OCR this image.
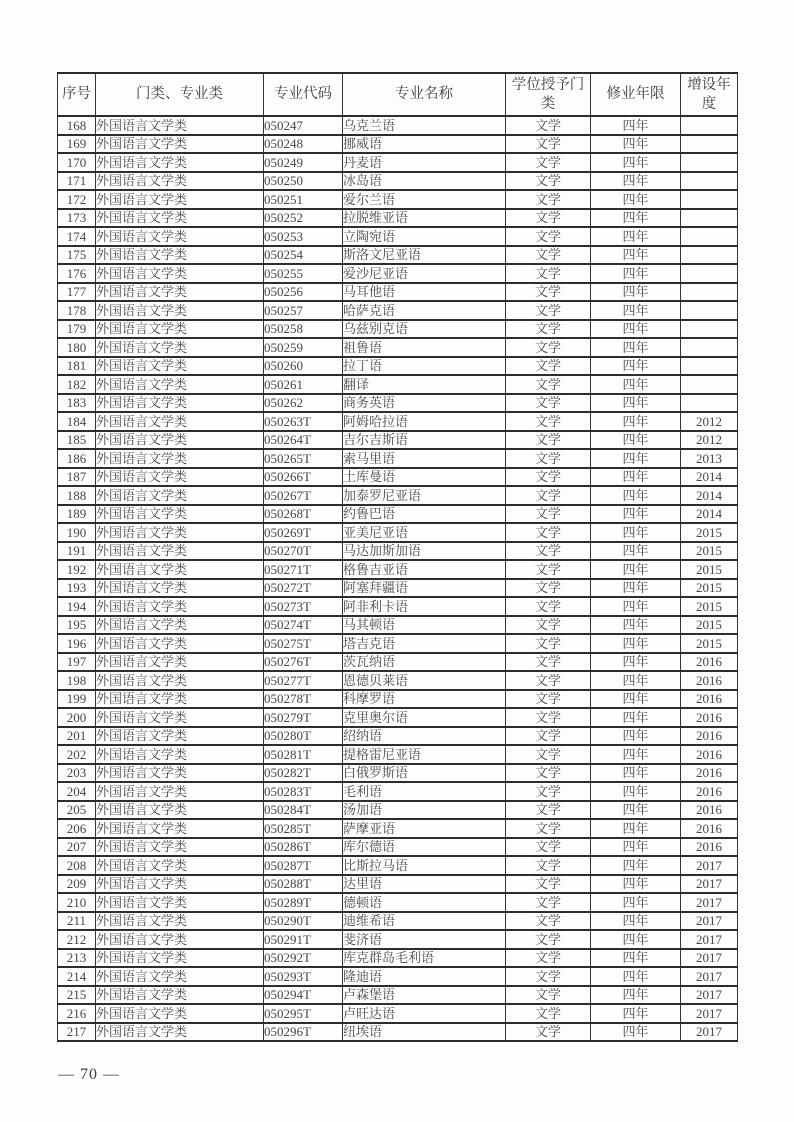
序号	门类、专业类	专业代码	专业名称	学位授予门类	修业年限	增设年度
168	外国语言文学类	050247	乌克兰语	文学	四年	
169	外国语言文学类	050248	挪威语	文学	四年	
170	外国语言文学类	050249	丹麦语	文学	四年	
171	外国语言文学类	050250	冰岛语	文学	四年	
172	外国语言文学类	050251	爱尔兰语	文学	四年	
173	外国语言文学类	050252	拉脱维亚语	文学	四年	
174	外国语言文学类	050253	立陶宛语	文学	四年	
175	外国语言文学类	050254	斯洛文尼亚语	文学	四年	
176	外国语言文学类	050255	爱沙尼亚语	文学	四年	
177	外国语言文学类	050256	马耳他语	文学	四年	
178	外国语言文学类	050257	哈萨克语	文学	四年	
179	外国语言文学类	050258	乌兹别克语	文学	四年	
180	外国语言文学类	050259	祖鲁语	文学	四年	
181	外国语言文学类	050260	拉丁语	文学	四年	
182	外国语言文学类	050261	翻译	文学	四年	
183	外国语言文学类	050262	商务英语	文学	四年	
184	外国语言文学类	050263T	阿姆哈拉语	文学	四年	2012
185	外国语言文学类	050264T	吉尔吉斯语	文学	四年	2012
186	外国语言文学类	050265T	索马里语	文学	四年	2013
187	外国语言文学类	050266T	土库曼语	文学	四年	2014
188	外国语言文学类	050267T	加泰罗尼亚语	文学	四年	2014
189	外国语言文学类	050268T	约鲁巴语	文学	四年	2014
190	外国语言文学类	050269T	亚美尼亚语	文学	四年	2015
191	外国语言文学类	050270T	马达加斯加语	文学	四年	2015
192	外国语言文学类	050271T	格鲁吉亚语	文学	四年	2015
193	外国语言文学类	050272T	阿塞拜疆语	文学	四年	2015
194	外国语言文学类	050273T	阿非利卡语	文学	四年	2015
195	外国语言文学类	050274T	马其顿语	文学	四年	2015
196	外国语言文学类	050275T	塔吉克语	文学	四年	2015
197	外国语言文学类	050276T	茨瓦纳语	文学	四年	2016
198	外国语言文学类	050277T	恩德贝莱语	文学	四年	2016
199	外国语言文学类	050278T	科摩罗语	文学	四年	2016
200	外国语言文学类	050279T	克里奥尔语	文学	四年	2016
201	外国语言文学类	050280T	绍纳语	文学	四年	2016
202	外国语言文学类	050281T	提格雷尼亚语	文学	四年	2016
203	外国语言文学类	050282T	白俄罗斯语	文学	四年	2016
204	外国语言文学类	050283T	毛利语	文学	四年	2016
205	外国语言文学类	050284T	汤加语	文学	四年	2016
206	外国语言文学类	050285T	萨摩亚语	文学	四年	2016
207	外国语言文学类	050286T	库尔德语	文学	四年	2016
208	外国语言文学类	050287T	比斯拉马语	文学	四年	2017
209	外国语言文学类	050288T	达里语	文学	四年	2017
210	外国语言文学类	050289T	德顿语	文学	四年	2017
211	外国语言文学类	050290T	迪维希语	文学	四年	2017
212	外国语言文学类	050291T	斐济语	文学	四年	2017
213	外国语言文学类	050292T	库克群岛毛利语	文学	四年	2017
214	外国语言文学类	050293T	隆迪语	文学	四年	2017
215	外国语言文学类	050294T	卢森堡语	文学	四年	2017
216	外国语言文学类	050295T	卢旺达语	文学	四年	2017
217	外国语言文学类	050296T	纽埃语	文学	四年	2017
— 70 —
